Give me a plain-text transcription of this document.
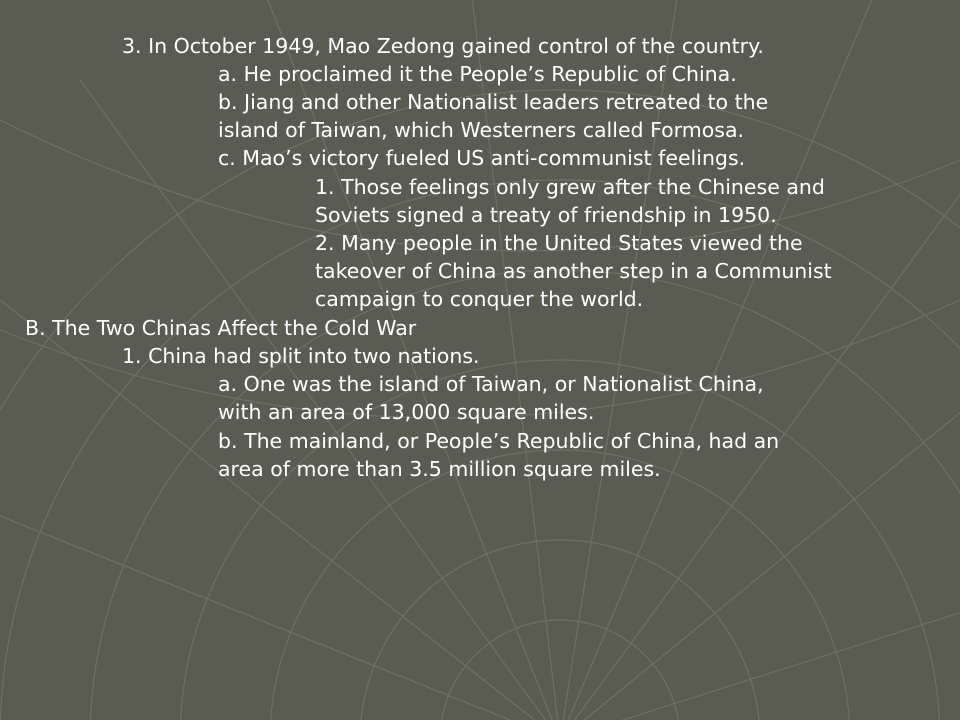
3. In October 1949, Mao Zedong gained control of the country.
a. He proclaimed it the People’s Republic of China.
b. Jiang and other Nationalist leaders retreated to the
island of Taiwan, which Westerners called Formosa.
c. Mao’s victory fueled US anti-communist feelings.
1. Those feelings only grew after the Chinese and
Soviets signed a treaty of friendship in 1950.
2. Many people in the United States viewed the
takeover of China as another step in a Communist
campaign to conquer the world.
B. The Two Chinas Affect the Cold War
1. China had split into two nations.
a. One was the island of Taiwan, or Nationalist China,
with an area of 13,000 square miles.
b. The mainland, or People’s Republic of China, had an
area of more than 3.5 million square miles.
